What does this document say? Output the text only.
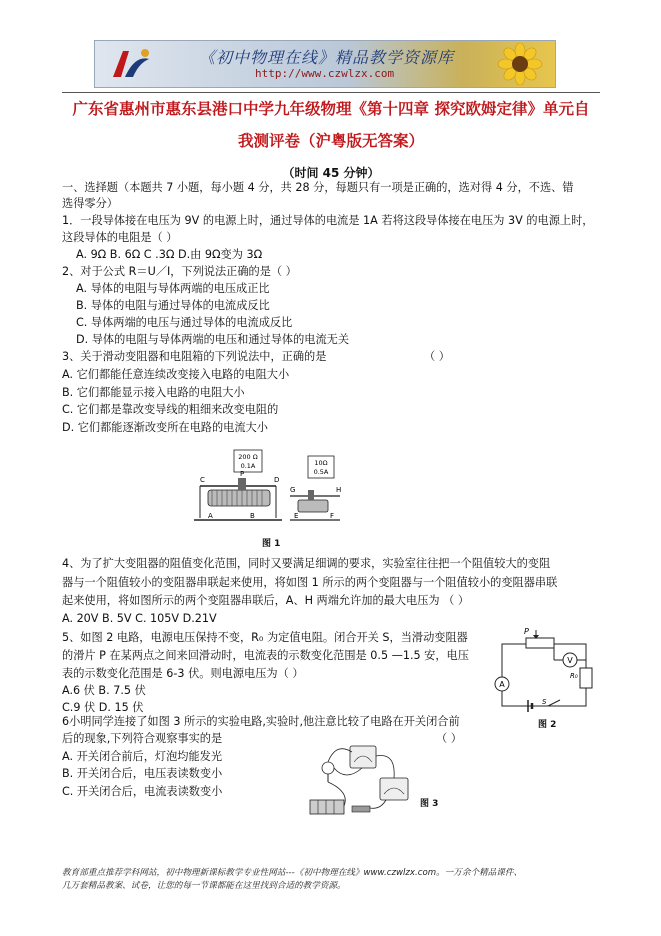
《初中物理在线》精品教学资源库
http://www.czwlzx.com
广东省惠州市惠东县港口中学九年级物理《第十四章 探究欧姆定律》单元自
我测评卷（沪粤版无答案）
（时间 45 分钟）
一、选择题（本题共 7 小题，每小题 4 分，共 28 分，每题只有一项是正确的，选对得 4 分，不选、错
选得零分）
1．一段导体接在电压为 9V 的电源上时，通过导体的电流是 1A 若将这段导体接在电压为 3V 的电源上时，
这段导体的电阻是（ ）
A. 9Ω B. 6Ω C .3Ω D.由 9Ω变为 3Ω
2、对于公式 R＝U／I，下列说法正确的是（ ）
A. 导体的电阻与导体两端的电压成正比
B. 导体的电阻与通过导体的电流成反比
C. 导体两端的电压与通过导体的电流成反比
D. 导体的电阻与导体两端的电压和通过导体的电流无关
3、关于滑动变阻器和电阻箱的下列说法中，正确的是	（ ）
A. 它们都能任意连续改变接入电路的电阻大小
B. 它们都能显示接入电路的电阻大小
C. 它们都是靠改变导线的粗细来改变电阻的
D. 它们都能逐渐改变所在电路的电流大小
200 Ω
0.1A	10Ω
0.5A
C
P
D
A	B
G	H
E	F
图 1
4、为了扩大变阻器的阻值变化范围，同时又要满足细调的要求，实验室往往把一个阻值较大的变阻
器与一个阻值较小的变阻器串联起来使用，将如图 1 所示的两个变阻器与一个阻值较小的变阻器串联
起来使用，将如图所示的两个变阻器串联后，A、H 两端允许加的最大电压为 （ ）
A. 20V B. 5V C. 105V D.21V
5、如图 2 电路，电源电压保持不变，R₀ 为定值电阻。闭合开关 S，当滑动变阻器
的滑片 P 在某两点之间来回滑动时，电流表的示数变化范围是 0.5 —1.5 安，电压
表的示数变化范围是 6-3 伏。则电源电压为（ ）
A.6 伏 B. 7.5 伏
C.9 伏 D. 15 伏
P
V
A
R₀
S
图 2
6小明同学连接了如图 3 所示的实验电路,实验时,他注意比较了电路在开关闭合前
后的现象,下列符合观察事实的是	（ ）
A. 开关闭合前后，灯泡均能发光
B. 开关闭合后，电压表读数变小
C. 开关闭合后，电流表读数变小
图 3
教育部重点推荐学科网站，初中物理新课标教学专业性网站---《初中物理在线》www.czwlzx.com。一万余个精品课件、
几万套精品教案、试卷，让您的每一节课都能在这里找到合适的教学资源。
